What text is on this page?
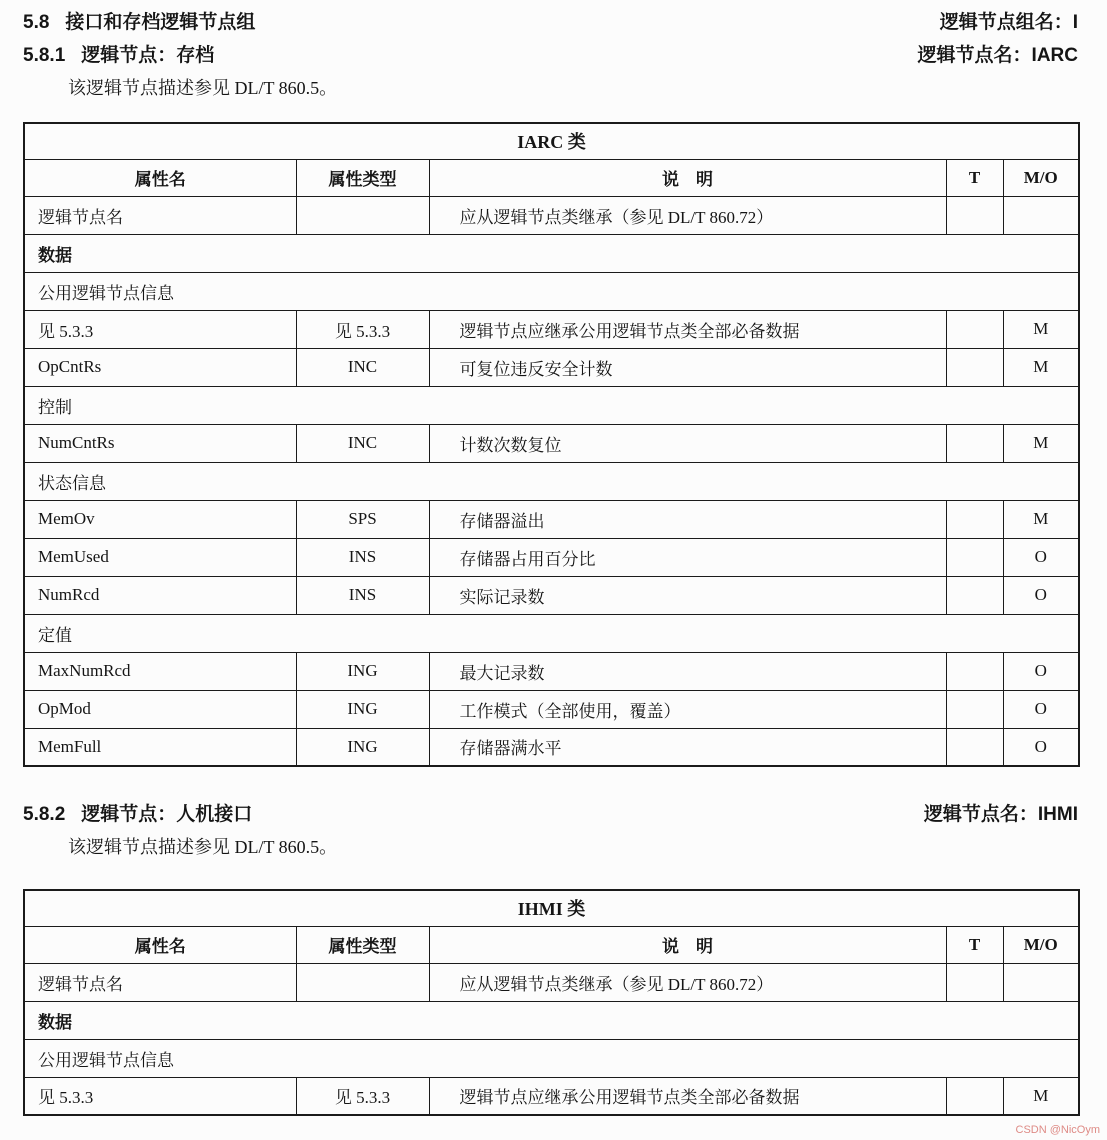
5.8 接口和存档逻辑节点组	逻辑节点组名：I
5.8.1 逻辑节点：存档	逻辑节点名：IARC

该逻辑节点描述参见 DL/T 860.5。

IARC 类				
属性名	属性类型	说　明	T	M/O
逻辑节点名		应从逻辑节点类继承（参见 DL/T 860.72）		
数据				
公用逻辑节点信息				
见 5.3.3	见 5.3.3	逻辑节点应继承公用逻辑节点类全部必备数据		M
OpCntRs	INC	可复位违反安全计数		M
控制				
NumCntRs	INC	计数次数复位		M
状态信息				
MemOv	SPS	存储器溢出		M
MemUsed	INS	存储器占用百分比		O
NumRcd	INS	实际记录数		O
定值				
MaxNumRcd	ING	最大记录数		O
OpMod	ING	工作模式（全部使用，覆盖）		O
MemFull	ING	存储器满水平		O
5.8.2 逻辑节点：人机接口	逻辑节点名：IHMI

该逻辑节点描述参见 DL/T 860.5。

IHMI 类				
属性名	属性类型	说　明	T	M/O
逻辑节点名		应从逻辑节点类继承（参见 DL/T 860.72）		
数据				
公用逻辑节点信息				
见 5.3.3	见 5.3.3	逻辑节点应继承公用逻辑节点类全部必备数据		M
CSDN @NicOym
